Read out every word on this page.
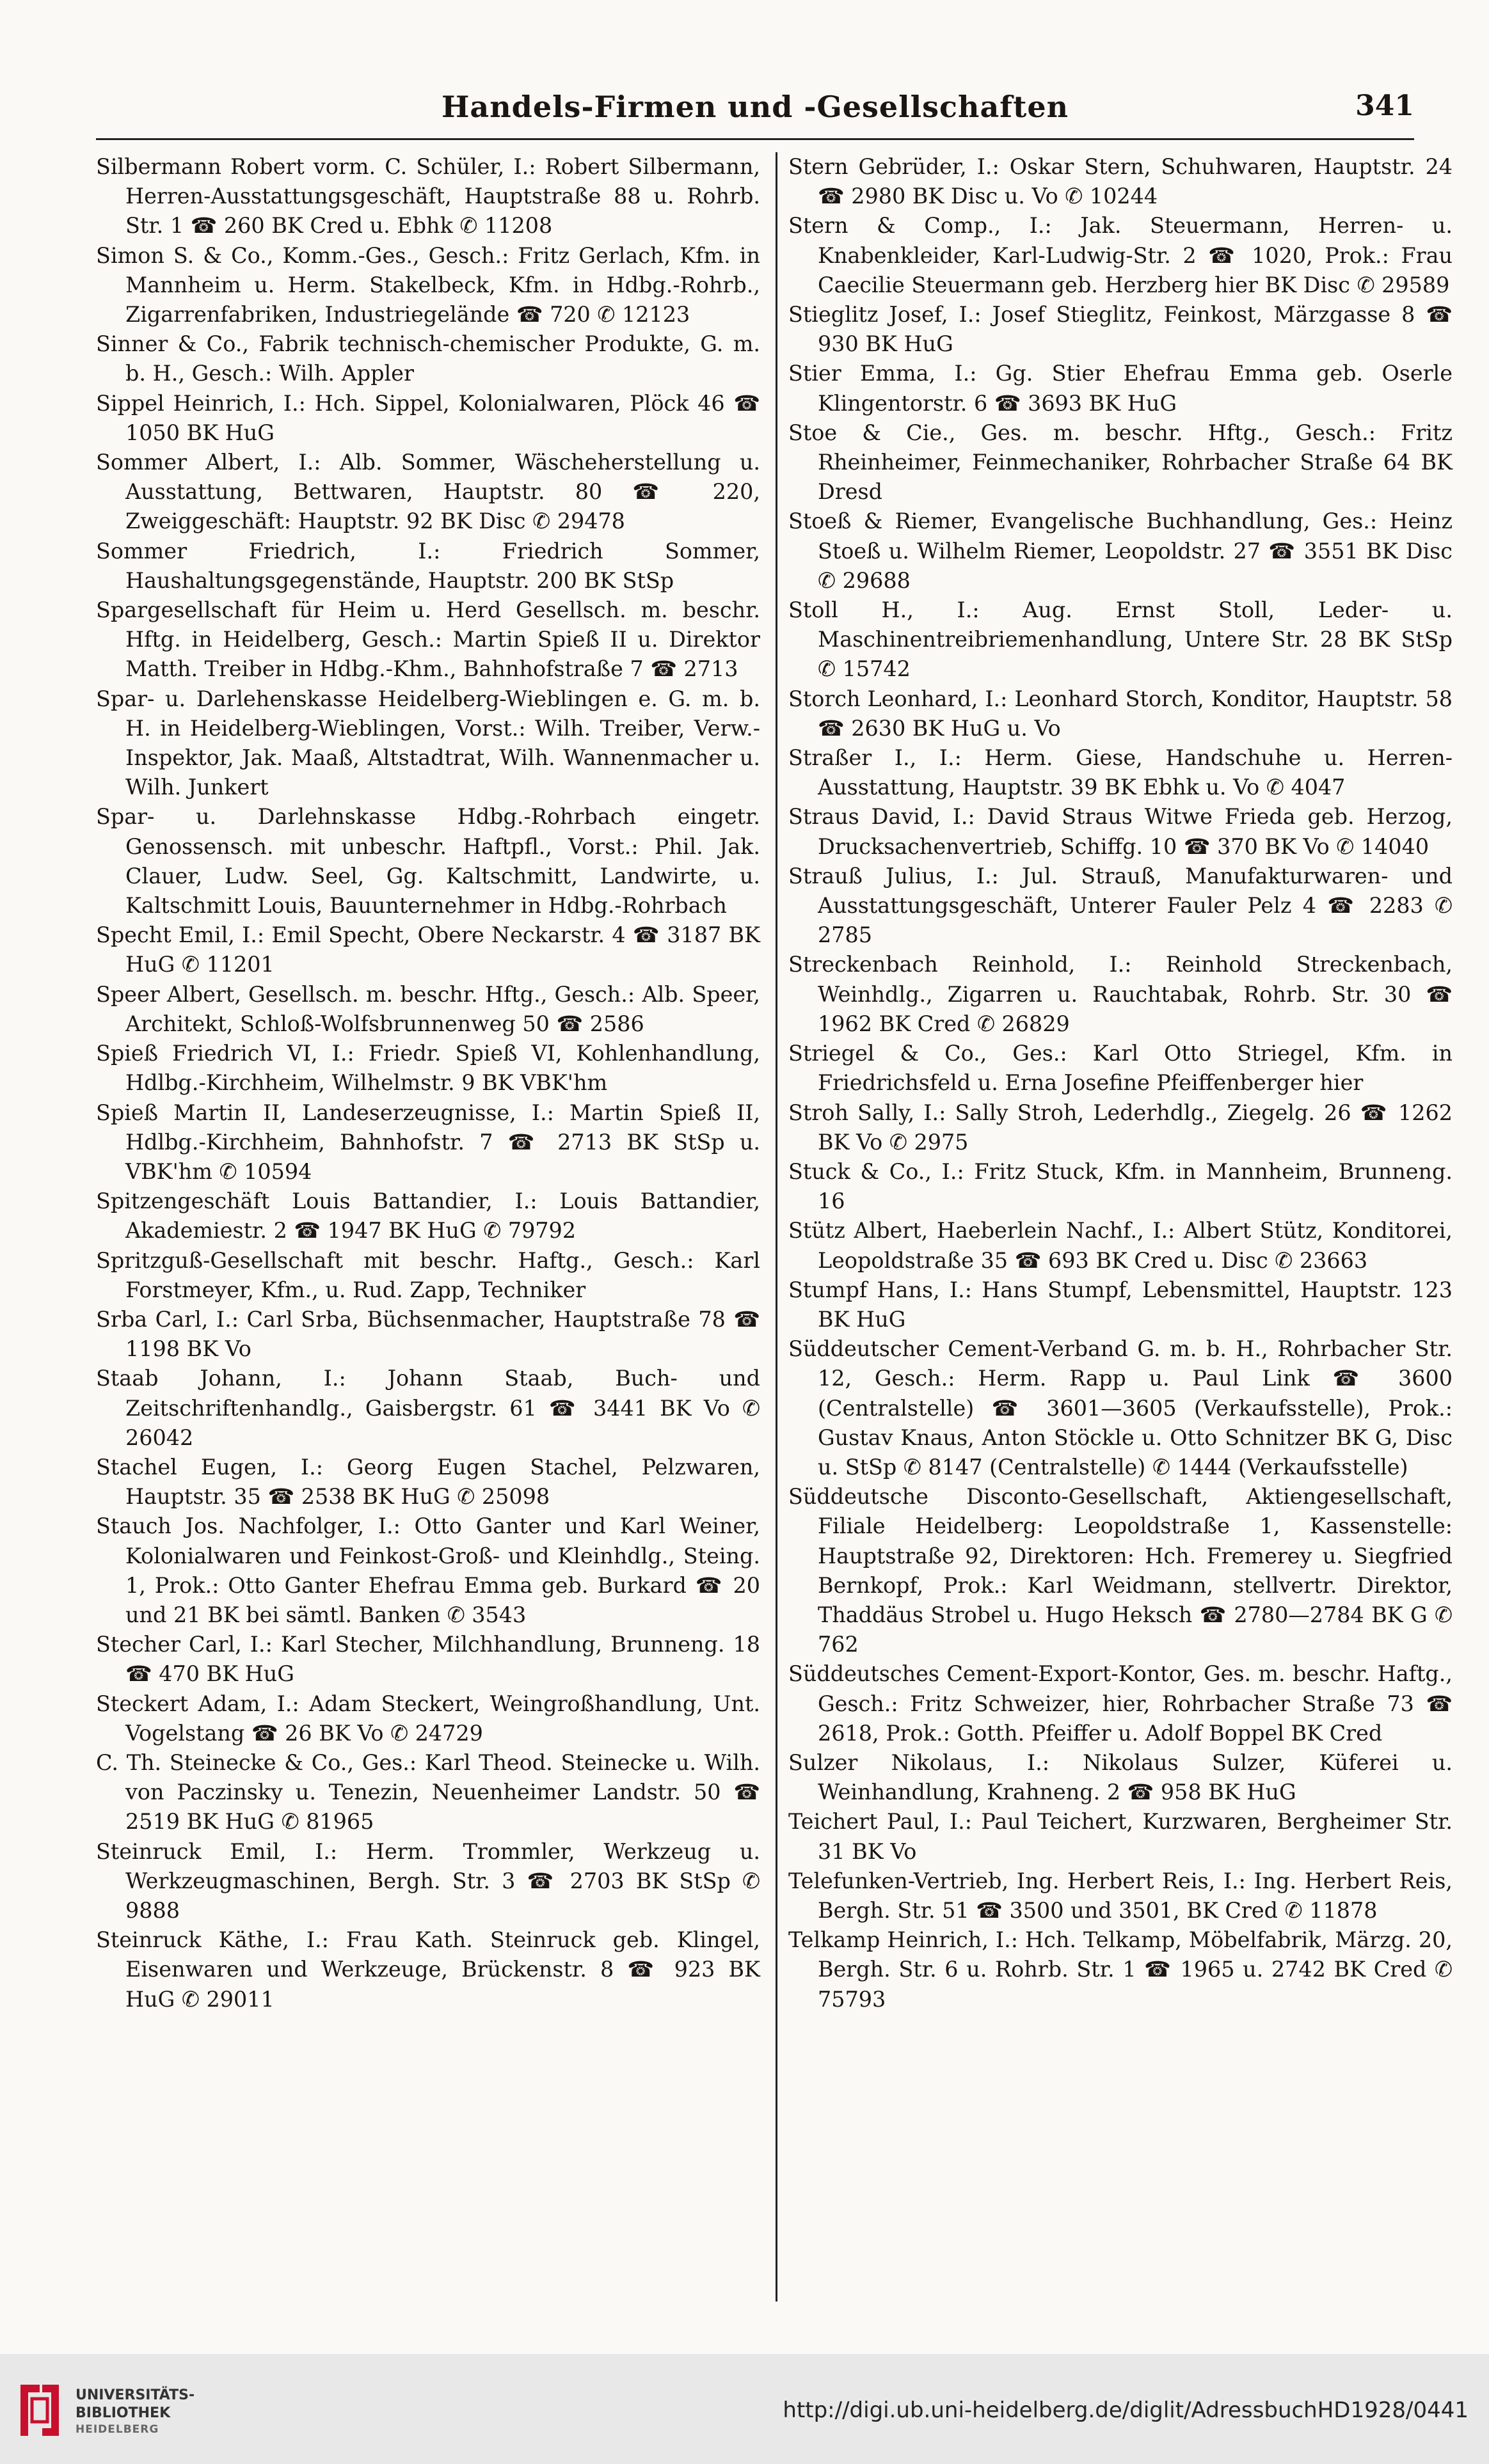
Handels-Firmen und -Gesellschaften	341

Silbermann Robert vorm. C. Schüler, I.: Robert Silbermann, Herren-Ausstattungsgeschäft, Hauptstraße 88 u. Rohrb. Str. 1 ☎ 260 BK Cred u. Ebhk ✆ 11208

Simon S. & Co., Komm.-Ges., Gesch.: Fritz Gerlach, Kfm. in Mannheim u. Herm. Stakelbeck, Kfm. in Hdbg.-Rohrb., Zigarrenfabriken, Industriegelände ☎ 720 ✆ 12123

Sinner & Co., Fabrik technisch-chemischer Produkte, G. m. b. H., Gesch.: Wilh. Appler

Sippel Heinrich, I.: Hch. Sippel, Kolonialwaren, Plöck 46 ☎ 1050 BK HuG

Sommer Albert, I.: Alb. Sommer, Wäscheherstellung u. Ausstattung, Bettwaren, Hauptstr. 80 ☎ 220, Zweiggeschäft: Hauptstr. 92 BK Disc ✆ 29478

Sommer Friedrich, I.: Friedrich Sommer, Haushaltungsgegenstände, Hauptstr. 200 BK StSp

Spargesellschaft für Heim u. Herd Gesellsch. m. beschr. Hftg. in Heidelberg, Gesch.: Martin Spieß II u. Direktor Matth. Treiber in Hdbg.-Khm., Bahnhofstraße 7 ☎ 2713

Spar- u. Darlehenskasse Heidelberg-Wieblingen e. G. m. b. H. in Heidelberg-Wieblingen, Vorst.: Wilh. Treiber, Verw.-Inspektor, Jak. Maaß, Altstadtrat, Wilh. Wannenmacher u. Wilh. Junkert

Spar- u. Darlehnskasse Hdbg.-Rohrbach eingetr. Genossensch. mit unbeschr. Haftpfl., Vorst.: Phil. Jak. Clauer, Ludw. Seel, Gg. Kaltschmitt, Landwirte, u. Kaltschmitt Louis, Bauunternehmer in Hdbg.-Rohrbach

Specht Emil, I.: Emil Specht, Obere Neckarstr. 4 ☎ 3187 BK HuG ✆ 11201

Speer Albert, Gesellsch. m. beschr. Hftg., Gesch.: Alb. Speer, Architekt, Schloß-Wolfsbrunnenweg 50 ☎ 2586

Spieß Friedrich VI, I.: Friedr. Spieß VI, Kohlenhandlung, Hdlbg.-Kirchheim, Wilhelmstr. 9 BK VBK'hm

Spieß Martin II, Landeserzeugnisse, I.: Martin Spieß II, Hdlbg.-Kirchheim, Bahnhofstr. 7 ☎ 2713 BK StSp u. VBK'hm ✆ 10594

Spitzengeschäft Louis Battandier, I.: Louis Battandier, Akademiestr. 2 ☎ 1947 BK HuG ✆ 79792

Spritzguß-Gesellschaft mit beschr. Haftg., Gesch.: Karl Forstmeyer, Kfm., u. Rud. Zapp, Techniker

Srba Carl, I.: Carl Srba, Büchsenmacher, Hauptstraße 78 ☎ 1198 BK Vo

Staab Johann, I.: Johann Staab, Buch- und Zeitschriftenhandlg., Gaisbergstr. 61 ☎ 3441 BK Vo ✆ 26042

Stachel Eugen, I.: Georg Eugen Stachel, Pelzwaren, Hauptstr. 35 ☎ 2538 BK HuG ✆ 25098

Stauch Jos. Nachfolger, I.: Otto Ganter und Karl Weiner, Kolonialwaren und Feinkost-Groß- und Kleinhdlg., Steing. 1, Prok.: Otto Ganter Ehefrau Emma geb. Burkard ☎ 20 und 21 BK bei sämtl. Banken ✆ 3543

Stecher Carl, I.: Karl Stecher, Milchhandlung, Brunneng. 18 ☎ 470 BK HuG

Steckert Adam, I.: Adam Steckert, Weingroßhandlung, Unt. Vogelstang ☎ 26 BK Vo ✆ 24729

C. Th. Steinecke & Co., Ges.: Karl Theod. Steinecke u. Wilh. von Paczinsky u. Tenezin, Neuenheimer Landstr. 50 ☎ 2519 BK HuG ✆ 81965

Steinruck Emil, I.: Herm. Trommler, Werkzeug u. Werkzeugmaschinen, Bergh. Str. 3 ☎ 2703 BK StSp ✆ 9888

Steinruck Käthe, I.: Frau Kath. Steinruck geb. Klingel, Eisenwaren und Werkzeuge, Brückenstr. 8 ☎ 923 BK HuG ✆ 29011

Stern Gebrüder, I.: Oskar Stern, Schuhwaren, Hauptstr. 24 ☎ 2980 BK Disc u. Vo ✆ 10244

Stern & Comp., I.: Jak. Steuermann, Herren- u. Knabenkleider, Karl-Ludwig-Str. 2 ☎ 1020, Prok.: Frau Caecilie Steuermann geb. Herzberg hier BK Disc ✆ 29589

Stieglitz Josef, I.: Josef Stieglitz, Feinkost, Märzgasse 8 ☎ 930 BK HuG

Stier Emma, I.: Gg. Stier Ehefrau Emma geb. Oserle Klingentorstr. 6 ☎ 3693 BK HuG

Stoe & Cie., Ges. m. beschr. Hftg., Gesch.: Fritz Rheinheimer, Feinmechaniker, Rohrbacher Straße 64 BK Dresd

Stoeß & Riemer, Evangelische Buchhandlung, Ges.: Heinz Stoeß u. Wilhelm Riemer, Leopoldstr. 27 ☎ 3551 BK Disc ✆ 29688

Stoll H., I.: Aug. Ernst Stoll, Leder- u. Maschinentreibriemenhandlung, Untere Str. 28 BK StSp ✆ 15742

Storch Leonhard, I.: Leonhard Storch, Konditor, Hauptstr. 58 ☎ 2630 BK HuG u. Vo

Straßer I., I.: Herm. Giese, Handschuhe u. Herren-Ausstattung, Hauptstr. 39 BK Ebhk u. Vo ✆ 4047

Straus David, I.: David Straus Witwe Frieda geb. Herzog, Drucksachenvertrieb, Schiffg. 10 ☎ 370 BK Vo ✆ 14040

Strauß Julius, I.: Jul. Strauß, Manufakturwaren- und Ausstattungsgeschäft, Unterer Fauler Pelz 4 ☎ 2283 ✆ 2785

Streckenbach Reinhold, I.: Reinhold Streckenbach, Weinhdlg., Zigarren u. Rauchtabak, Rohrb. Str. 30 ☎ 1962 BK Cred ✆ 26829

Striegel & Co., Ges.: Karl Otto Striegel, Kfm. in Friedrichsfeld u. Erna Josefine Pfeiffenberger hier

Stroh Sally, I.: Sally Stroh, Lederhdlg., Ziegelg. 26 ☎ 1262 BK Vo ✆ 2975

Stuck & Co., I.: Fritz Stuck, Kfm. in Mannheim, Brunneng. 16

Stütz Albert, Haeberlein Nachf., I.: Albert Stütz, Konditorei, Leopoldstraße 35 ☎ 693 BK Cred u. Disc ✆ 23663

Stumpf Hans, I.: Hans Stumpf, Lebensmittel, Hauptstr. 123 BK HuG

Süddeutscher Cement-Verband G. m. b. H., Rohrbacher Str. 12, Gesch.: Herm. Rapp u. Paul Link ☎ 3600 (Centralstelle) ☎ 3601—3605 (Verkaufsstelle), Prok.: Gustav Knaus, Anton Stöckle u. Otto Schnitzer BK G, Disc u. StSp ✆ 8147 (Centralstelle) ✆ 1444 (Verkaufsstelle)

Süddeutsche Disconto-Gesellschaft, Aktiengesellschaft, Filiale Heidelberg: Leopoldstraße 1, Kassenstelle: Hauptstraße 92, Direktoren: Hch. Fremerey u. Siegfried Bernkopf, Prok.: Karl Weidmann, stellvertr. Direktor, Thaddäus Strobel u. Hugo Heksch ☎ 2780—2784 BK G ✆ 762

Süddeutsches Cement-Export-Kontor, Ges. m. beschr. Haftg., Gesch.: Fritz Schweizer, hier, Rohrbacher Straße 73 ☎ 2618, Prok.: Gotth. Pfeiffer u. Adolf Boppel BK Cred

Sulzer Nikolaus, I.: Nikolaus Sulzer, Küferei u. Weinhandlung, Krahneng. 2 ☎ 958 BK HuG

Teichert Paul, I.: Paul Teichert, Kurzwaren, Bergheimer Str. 31 BK Vo

Telefunken-Vertrieb, Ing. Herbert Reis, I.: Ing. Herbert Reis, Bergh. Str. 51 ☎ 3500 und 3501, BK Cred ✆ 11878

Telkamp Heinrich, I.: Hch. Telkamp, Möbelfabrik, Märzg. 20, Bergh. Str. 6 u. Rohrb. Str. 1 ☎ 1965 u. 2742 BK Cred ✆ 75793

UNIVERSITÄTS-
BIBLIOTHEK
HEIDELBERG
http://digi.ub.uni-heidelberg.de/diglit/AdressbuchHD1928/0441
